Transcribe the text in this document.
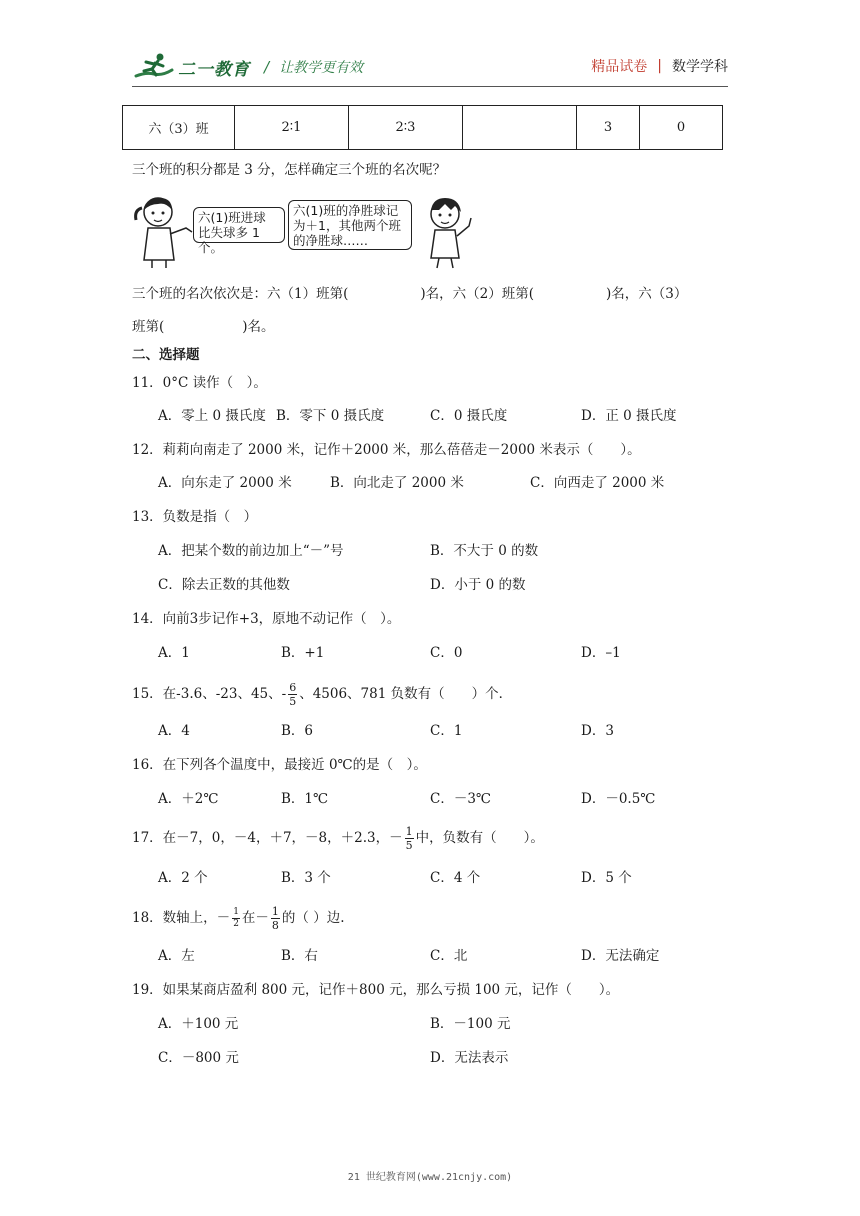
二一教育 / 让教学更有效	精品试卷 | 数学学科
六（3）班	2∶1	2∶3		3	0
三个班的积分都是 3 分，怎样确定三个班的名次呢？
六(1)班进球
比失球多 1 个。
六(1)班的净胜球记
为＋1，其他两个班
的净胜球……
三个班的名次依次是：六（1）班第(	)名，六（2）班第(	)名，六（3）
班第(	)名。
二、选择题
11．0°C 读作（　）。
A．零上 0 摄氏度 B．零下 0 摄氏度	C．0 摄氏度	D．正 0 摄氏度
12．莉莉向南走了 2000 米，记作＋2000 米，那么蓓蓓走－2000 米表示（　　）。
A．向东走了 2000 米	B．向北走了 2000 米	C．向西走了 2000 米
13．负数是指（　）
A．把某个数的前边加上“－”号	B．不大于 0 的数
C．除去正数的其他数	D．小于 0 的数
14．向前3步记作+3，原地不动记作（　）。
A．1	B．+1	C．0	D．–1
15．在-3.6、-23、45、- $\frac{6}{5}$ 、4506、781 负数有（　　）个．
A．4	B．6	C．1	D．3
16．在下列各个温度中，最接近 0℃的是（　）。
A．＋2℃	B．1℃	C．－3℃	D．－0.5℃
17．在－7，0，－4，＋7，－8，＋2.3，－ $\frac{1}{5}$ 中，负数有（　　）。
A．2 个	B．3 个	C．4 个	D．5 个
18．数轴上，－ $\frac{1}{2}$ 在－ $\frac{1}{8}$ 的（ ）边.
A．左	B．右	C．北	D．无法确定
19．如果某商店盈利 800 元，记作＋800 元，那么亏损 100 元，记作（　　）。
A．＋100 元	B．－100 元
C．－800 元	D．无法表示
21 世纪教育网(www.21cnjy.com)
